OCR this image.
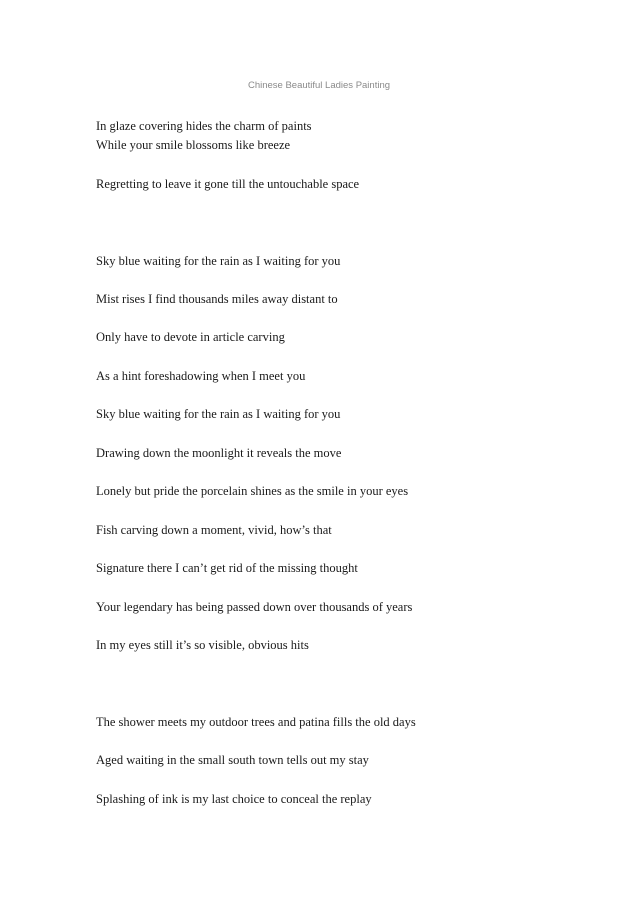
Chinese Beautiful Ladies Painting
In glaze covering hides the charm of paints
While your smile blossoms like breeze
Regretting to leave it gone till the untouchable space
Sky blue waiting for the rain as I waiting for you
Mist rises I find thousands miles away distant to
Only have to devote in article carving
As a hint foreshadowing when I meet you
Sky blue waiting for the rain as I waiting for you
Drawing down the moonlight it reveals the move
Lonely but pride the porcelain shines as the smile in your eyes
Fish carving down a moment, vivid, how’s that
Signature there I can’t get rid of the missing thought
Your legendary has being passed down over thousands of years
In my eyes still it’s so visible, obvious hits
The shower meets my outdoor trees and patina fills the old days
Aged waiting in the small south town tells out my stay
Splashing of ink is my last choice to conceal the replay
